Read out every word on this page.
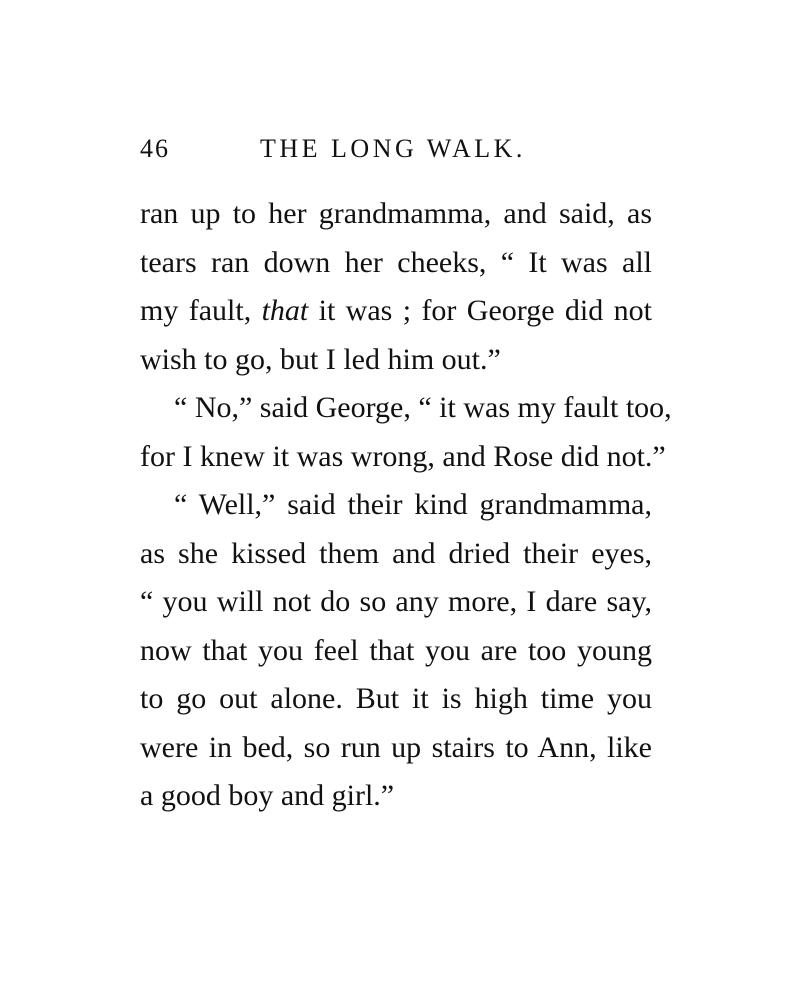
46	THE LONG WALK.
ran up to her grandmamma, and said, as
tears ran down her cheeks, “ It was all
my fault, that it was ; for George did not
wish to go, but I led him out.”
“ No,” said George, “ it was my fault too,
for I knew it was wrong, and Rose did not.”
“ Well,” said their kind grandmamma,
as she kissed them and dried their eyes,
“ you will not do so any more, I dare say,
now that you feel that you are too young
to go out alone. But it is high time you
were in bed, so run up stairs to Ann, like
a good boy and girl.”
